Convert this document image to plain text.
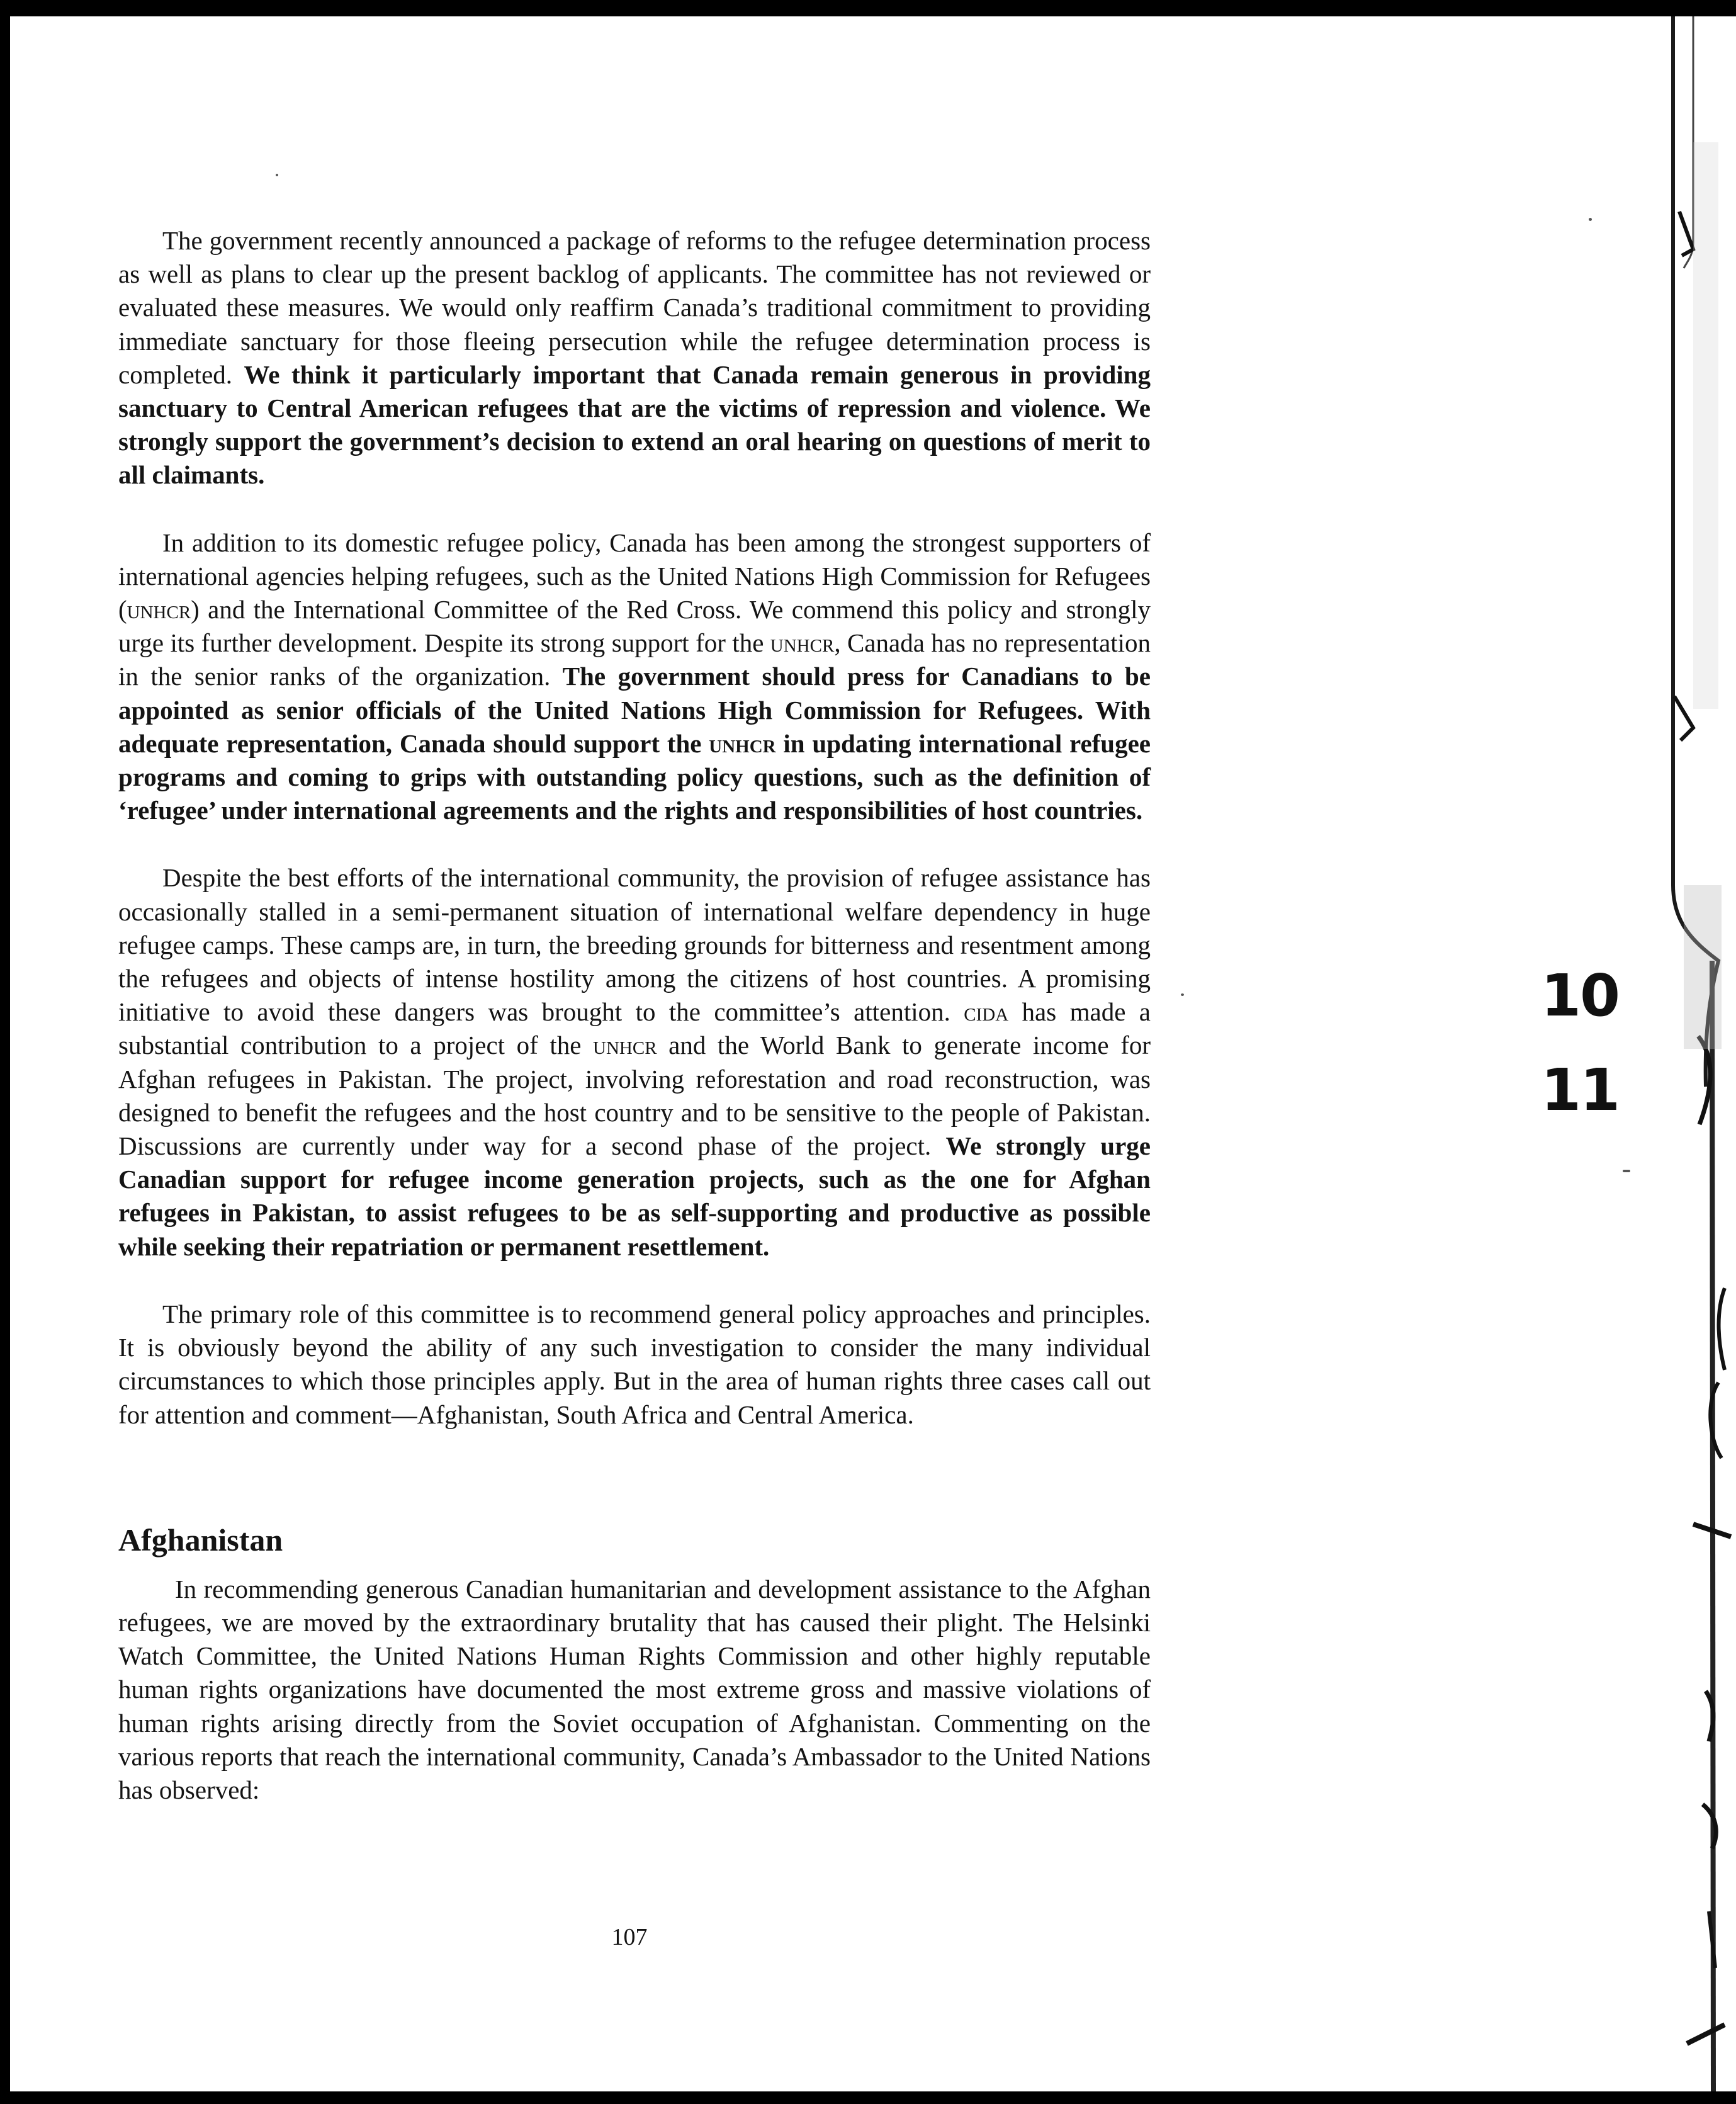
The government recently announced a package of reforms to the refugee determination process as well as plans to clear up the present backlog of applicants. The committee has not reviewed or evaluated these measures. We would only reaffirm Canada’s traditional commitment to providing immediate sanctuary for those fleeing persecution while the refugee determination process is completed. We think it particularly important that Canada remain generous in providing sanctuary to Central American refugees that are the victims of repression and violence. We strongly support the government’s decision to extend an oral hearing on questions of merit to all claimants.

In addition to its domestic refugee policy, Canada has been among the strongest supporters of international agencies helping refugees, such as the United Nations High Commission for Refugees (unhcr) and the International Committee of the Red Cross. We commend this policy and strongly urge its further development. Despite its strong support for the unhcr, Canada has no representation in the senior ranks of the organization. The government should press for Canadians to be appointed as senior officials of the United Nations High Commission for Refugees. With adequate representation, Canada should support the unhcr in updating international refugee programs and coming to grips with outstanding policy questions, such as the definition of ‘refugee’ under international agreements and the rights and responsibilities of host countries.

Despite the best efforts of the international community, the provision of refugee assistance has occasionally stalled in a semi-permanent situation of international welfare dependency in huge refugee camps. These camps are, in turn, the breeding grounds for bitterness and resentment among the refugees and objects of intense hostility among the citizens of host countries. A promising initiative to avoid these dangers was brought to the committee’s attention. cida has made a substantial contribution to a project of the unhcr and the World Bank to generate income for Afghan refugees in Pakistan. The project, involving reforestation and road reconstruction, was designed to benefit the refugees and the host country and to be sensitive to the people of Pakistan. Discussions are currently under way for a second phase of the project. We strongly urge Canadian support for refugee income generation projects, such as the one for Afghan refugees in Pakistan, to assist refugees to be as self-supporting and productive as possible while seeking their repatriation or permanent resettlement.

The primary role of this committee is to recommend general policy approaches and principles. It is obviously beyond the ability of any such investigation to consider the many individual circumstances to which those principles apply. But in the area of human rights three cases call out for attention and comment—Afghanistan, South Africa and Central America.

Afghanistan

In recommending generous Canadian humanitarian and development assistance to the Afghan refugees, we are moved by the extraordinary brutality that has caused their plight. The Helsinki Watch Committee, the United Nations Human Rights Commission and other highly reputable human rights organizations have documented the most extreme gross and massive violations of human rights arising directly from the Soviet occupation of Afghanistan. Commenting on the various reports that reach the international community, Canada’s Ambassador to the United Nations has observed:

10
11
107
